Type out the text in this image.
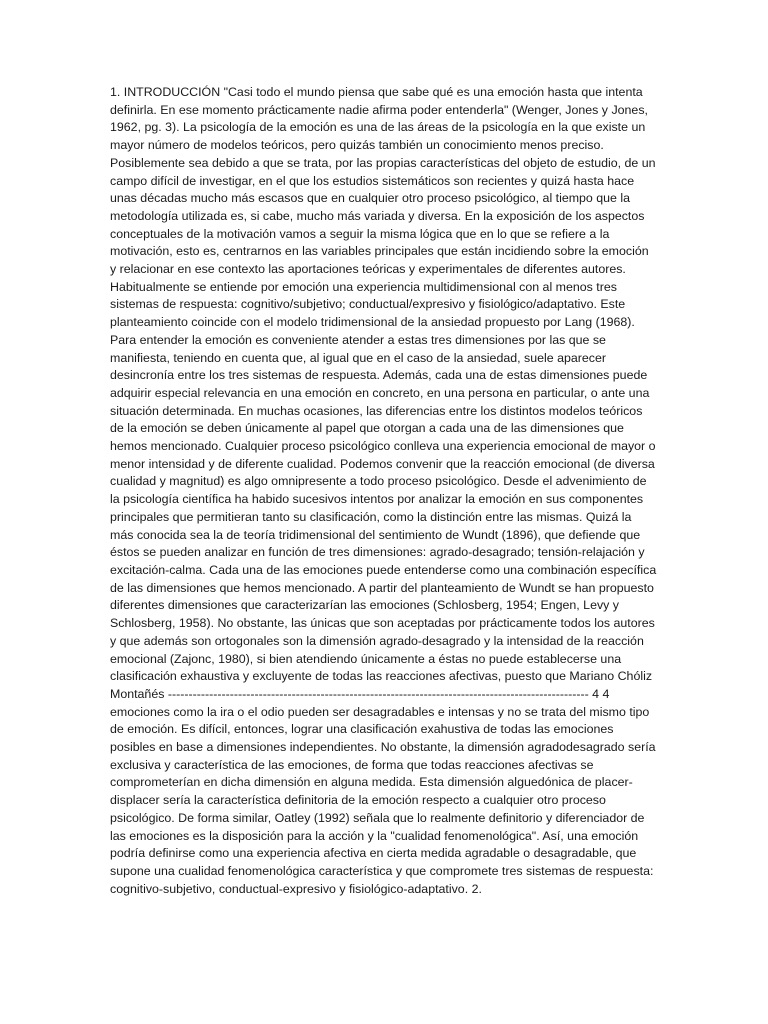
1. INTRODUCCIÓN "Casi todo el mundo piensa que sabe qué es una emoción hasta que intenta definirla. En ese momento prácticamente nadie afirma poder entenderla" (Wenger, Jones y Jones, 1962, pg. 3). La psicología de la emoción es una de las áreas de la psicología en la que existe un mayor número de modelos teóricos, pero quizás también un conocimiento menos preciso. Posiblemente sea debido a que se trata, por las propias características del objeto de estudio, de un campo difícil de investigar, en el que los estudios sistemáticos son recientes y quizá hasta hace unas décadas mucho más escasos que en cualquier otro proceso psicológico, al tiempo que la metodología utilizada es, si cabe, mucho más variada y diversa. En la exposición de los aspectos conceptuales de la motivación vamos a seguir la misma lógica que en lo que se refiere a la motivación, esto es, centrarnos en las variables principales que están incidiendo sobre la emoción y relacionar en ese contexto las aportaciones teóricas y experimentales de diferentes autores. Habitualmente se entiende por emoción una experiencia multidimensional con al menos tres sistemas de respuesta: cognitivo/subjetivo; conductual/expresivo y fisiológico/adaptativo. Este planteamiento coincide con el modelo tridimensional de la ansiedad propuesto por Lang (1968). Para entender la emoción es conveniente atender a estas tres dimensiones por las que se manifiesta, teniendo en cuenta que, al igual que en el caso de la ansiedad, suele aparecer desincronía entre los tres sistemas de respuesta. Además, cada una de estas dimensiones puede adquirir especial relevancia en una emoción en concreto, en una persona en particular, o ante una situación determinada. En muchas ocasiones, las diferencias entre los distintos modelos teóricos de la emoción se deben únicamente al papel que otorgan a cada una de las dimensiones que hemos mencionado. Cualquier proceso psicológico conlleva una experiencia emocional de mayor o menor intensidad y de diferente cualidad. Podemos convenir que la reacción emocional (de diversa cualidad y magnitud) es algo omnipresente a todo proceso psicológico. Desde el advenimiento de la psicología científica ha habido sucesivos intentos por analizar la emoción en sus componentes principales que permitieran tanto su clasificación, como la distinción entre las mismas. Quizá la más conocida sea la de teoría tridimensional del sentimiento de Wundt (1896), que defiende que éstos se pueden analizar en función de tres dimensiones: agrado-desagrado; tensión-relajación y excitación-calma. Cada una de las emociones puede entenderse como una combinación específica de las dimensiones que hemos mencionado. A partir del planteamiento de Wundt se han propuesto diferentes dimensiones que caracterizarían las emociones (Schlosberg, 1954; Engen, Levy y Schlosberg, 1958). No obstante, las únicas que son aceptadas por prácticamente todos los autores y que además son ortogonales son la dimensión agrado-desagrado y la intensidad de la reacción emocional (Zajonc, 1980), si bien atendiendo únicamente a éstas no puede establecerse una clasificación exhaustiva y excluyente de todas las reacciones afectivas, puesto que Mariano Chóliz Montañés ------------------------------------------------------------------------------------------------------ 4 4 emociones como la ira o el odio pueden ser desagradables e intensas y no se trata del mismo tipo de emoción. Es difícil, entonces, lograr una clasificación exahustiva de todas las emociones posibles en base a dimensiones independientes. No obstante, la dimensión agradodesagrado sería exclusiva y característica de las emociones, de forma que todas reacciones afectivas se comprometerían en dicha dimensión en alguna medida. Esta dimensión alguedónica de placer-displacer sería la característica definitoria de la emoción respecto a cualquier otro proceso psicológico. De forma similar, Oatley (1992) señala que lo realmente definitorio y diferenciador de las emociones es la disposición para la acción y la "cualidad fenomenológica". Así, una emoción podría definirse como una experiencia afectiva en cierta medida agradable o desagradable, que supone una cualidad fenomenológica característica y que compromete tres sistemas de respuesta: cognitivo-subjetivo, conductual-expresivo y fisiológico-adaptativo. 2.
